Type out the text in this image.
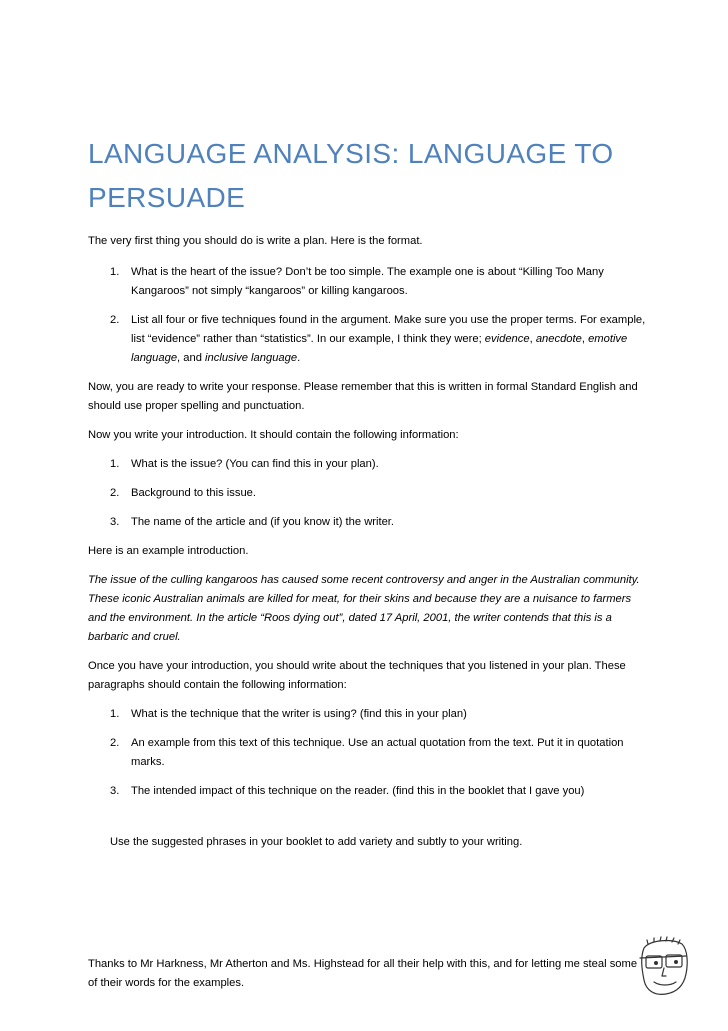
LANGUAGE ANALYSIS: LANGUAGE TO PERSUADE

The very first thing you should do is write a plan. Here is the format.

1. What is the heart of the issue? Don’t be too simple. The example one is about “Killing Too Many Kangaroos” not simply “kangaroos” or killing kangaroos.
2. List all four or five techniques found in the argument. Make sure you use the proper terms. For example, list “evidence” rather than “statistics”. In our example, I think they were; evidence, anecdote, emotive language, and inclusive language.

Now, you are ready to write your response. Please remember that this is written in formal Standard English and should use proper spelling and punctuation.

Now you write your introduction. It should contain the following information:

1. What is the issue? (You can find this in your plan).
2. Background to this issue.
3. The name of the article and (if you know it) the writer.

Here is an example introduction.

The issue of the culling kangaroos has caused some recent controversy and anger in the Australian community. These iconic Australian animals are killed for meat, for their skins and because they are a nuisance to farmers and the environment. In the article “Roos dying out”, dated 17 April, 2001, the writer contends that this is a barbaric and cruel.

Once you have your introduction, you should write about the techniques that you listened in your plan. These paragraphs should contain the following information:

1. What is the technique that the writer is using? (find this in your plan)
2. An example from this text of this technique. Use an actual quotation from the text. Put it in quotation marks.
3. The intended impact of this technique on the reader. (find this in the booklet that I gave you)

Use the suggested phrases in your booklet to add variety and subtly to your writing.

Thanks to Mr Harkness, Mr Atherton and Ms. Highstead for all their help with this, and for letting me steal some of their words for the examples.
